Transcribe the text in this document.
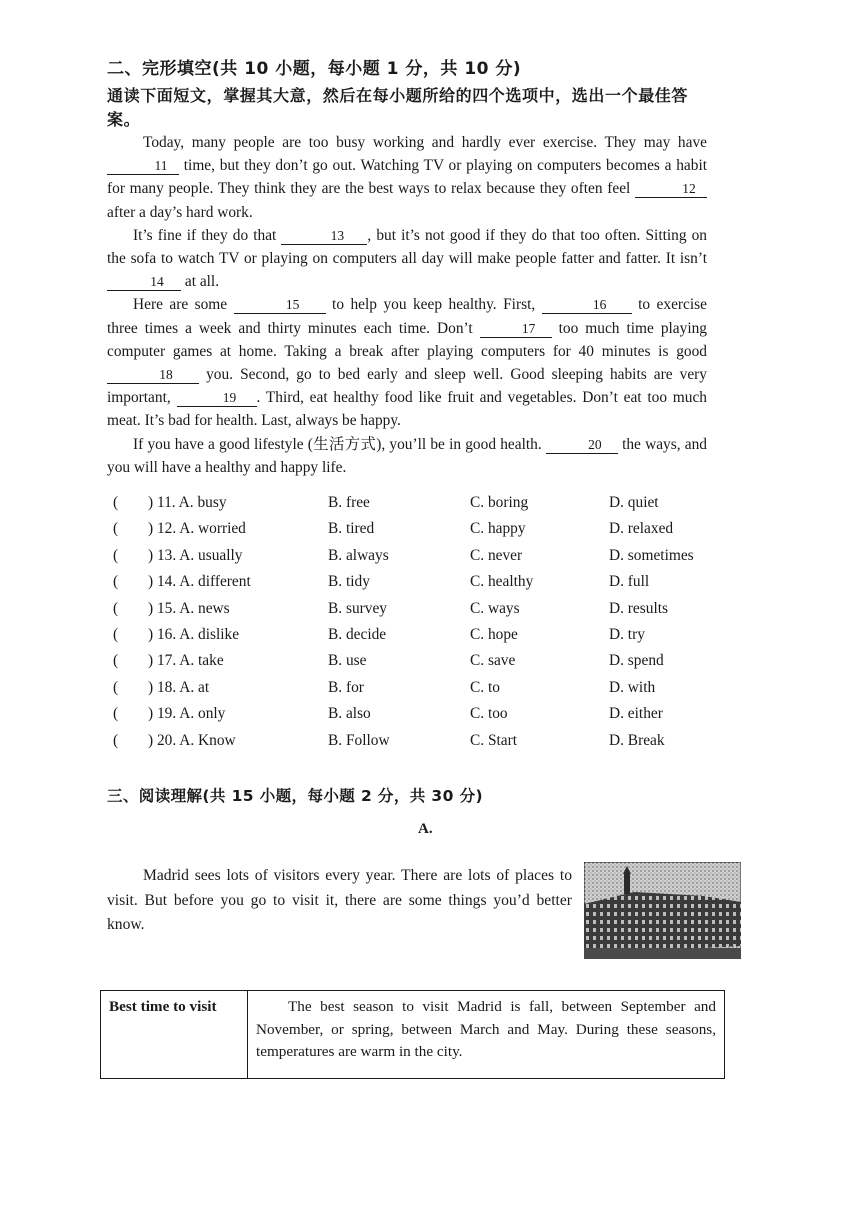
二、完形填空(共 10 小题，每小题 1 分，共 10 分)
通读下面短文，掌握其大意，然后在每小题所给的四个选项中，选出一个最佳答案。

Today, many people are too busy working and hardly ever exercise. They may have 11 time, but they don’t go out. Watching TV or playing on computers becomes a habit for many people. They think they are the best ways to relax because they often feel	12 after a day’s hard work.

It’s fine if they do that	13 , but it’s not good if they do that too often. Sitting on the sofa to watch TV or playing on computers all day will make people fatter and fatter. It isn’t 14 at all.

Here are some	15 to help you keep healthy. First,	16 to exercise three times a week and thirty minutes each time. Don’t	17 too much time playing computer games at home. Taking a break after playing computers for 40 minutes is good 18 you. Second, go to bed early and sleep well. Good sleeping habits are very important,	19 . Third, eat healthy food like fruit and vegetables. Don’t eat too much meat. It’s bad for health. Last, always be happy.

If you have a good lifestyle (生活方式), you’ll be in good health.	20 the ways, and you will have a healthy and happy life.

( ) 11. A. busy	B. free	C. boring	D. quiet
( ) 12. A. worried	B. tired	C. happy	D. relaxed
( ) 13. A. usually	B. always	C. never	D. sometimes
( ) 14. A. different	B. tidy	C. healthy	D. full
( ) 15. A. news	B. survey	C. ways	D. results
( ) 16. A. dislike	B. decide	C. hope	D. try
( ) 17. A. take	B. use	C. save	D. spend
( ) 18. A. at	B. for	C. to	D. with
( ) 19. A. only	B. also	C. too	D. either
( ) 20. A. Know	B. Follow	C. Start	D. Break
三、阅读理解(共 15 小题，每小题 2 分，共 30 分)
A.

Madrid sees lots of visitors every year. There are lots of places to visit. But before you go to visit it, there are some things you’d better know.

Best time to visit	The best season to visit Madrid is fall, between September and November, or spring, between March and May. During these seasons, temperatures are warm in the city.
